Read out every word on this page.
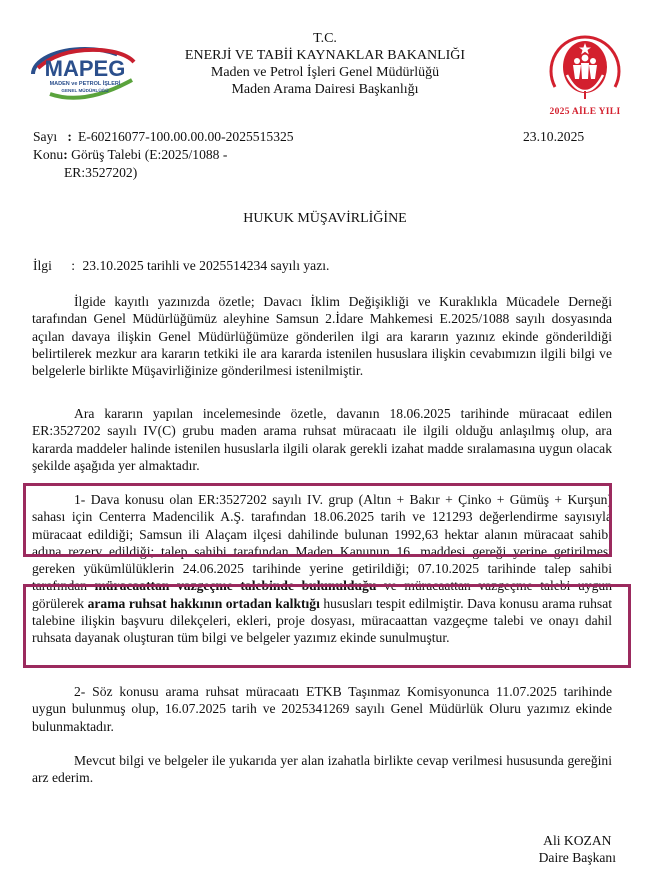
MAPEG
MADEN ve PETROL İŞLERİ
GENEL MÜDÜRLÜĞÜ
T.C.
ENERJİ VE TABİİ KAYNAKLAR BAKANLIĞI
Maden ve Petrol İşleri Genel Müdürlüğü
Maden Arama Dairesi Başkanlığı
2025 AİLE YILI
Sayı : E-60216077-100.00.00.00-2025515325	23.10.2025
Konu: Görüş Talebi (E:2025/1088 -
ER:3527202)
HUKUK MÜŞAVİRLİĞİNE
İlgi : 23.10.2025 tarihli ve 2025514234 sayılı yazı.
İlgide kayıtlı yazınızda özetle; Davacı İklim Değişikliği ve Kuraklıkla Mücadele Derneği tarafından Genel Müdürlüğümüz aleyhine Samsun 2.İdare Mahkemesi E.2025/1088 sayılı dosyasında açılan davaya ilişkin Genel Müdürlüğümüze gönderilen ilgi ara kararın yazınız ekinde gönderildiği belirtilerek mezkur ara kararın tetkiki ile ara kararda istenilen hususlara ilişkin cevabımızın ilgili bilgi ve belgelerle birlikte Müşavirliğinize gönderilmesi istenilmiştir.
Ara kararın yapılan incelemesinde özetle, davanın 18.06.2025 tarihinde müracaat edilen ER:3527202 sayılı IV(C) grubu maden arama ruhsat müracaatı ile ilgili olduğu anlaşılmış olup, ara kararda maddeler halinde istenilen hususlarla ilgili olarak gerekli izahat madde sıralamasına uygun olacak şekilde aşağıda yer almaktadır.
1- Dava konusu olan ER:3527202 sayılı IV. grup (Altın + Bakır + Çinko + Gümüş + Kurşun) sahası için Centerra Madencilik A.Ş. tarafından 18.06.2025 tarih ve 121293 değerlendirme sayısıyla müracaat edildiği; Samsun ili Alaçam ilçesi dahilinde bulunan 1992,63 hektar alanın müracaat sahibi adına rezerv edildiği; talep sahibi tarafından Maden Kanunun 16. maddesi gereği yerine getirilmesi gereken yükümlülüklerin 24.06.2025 tarihinde yerine getirildiği; 07.10.2025 tarihinde talep sahibi tarafından müracaattan vazgeçme talebinde bulunulduğu ve müracaattan vazgeçme talebi uygun görülerek arama ruhsat hakkının ortadan kalktığı hususları tespit edilmiştir. Dava konusu arama ruhsat talebine ilişkin başvuru dilekçeleri, ekleri, proje dosyası, müracaattan vazgeçme talebi ve onayı dahil ruhsata dayanak oluşturan tüm bilgi ve belgeler yazımız ekinde sunulmuştur.
2- Söz konusu arama ruhsat müracaatı ETKB Taşınmaz Komisyonunca 11.07.2025 tarihinde uygun bulunmuş olup, 16.07.2025 tarih ve 2025341269 sayılı Genel Müdürlük Oluru yazımız ekinde bulunmaktadır.
Mevcut bilgi ve belgeler ile yukarıda yer alan izahatla birlikte cevap verilmesi hususunda gereğini arz ederim.
Ali KOZAN
Daire Başkanı
